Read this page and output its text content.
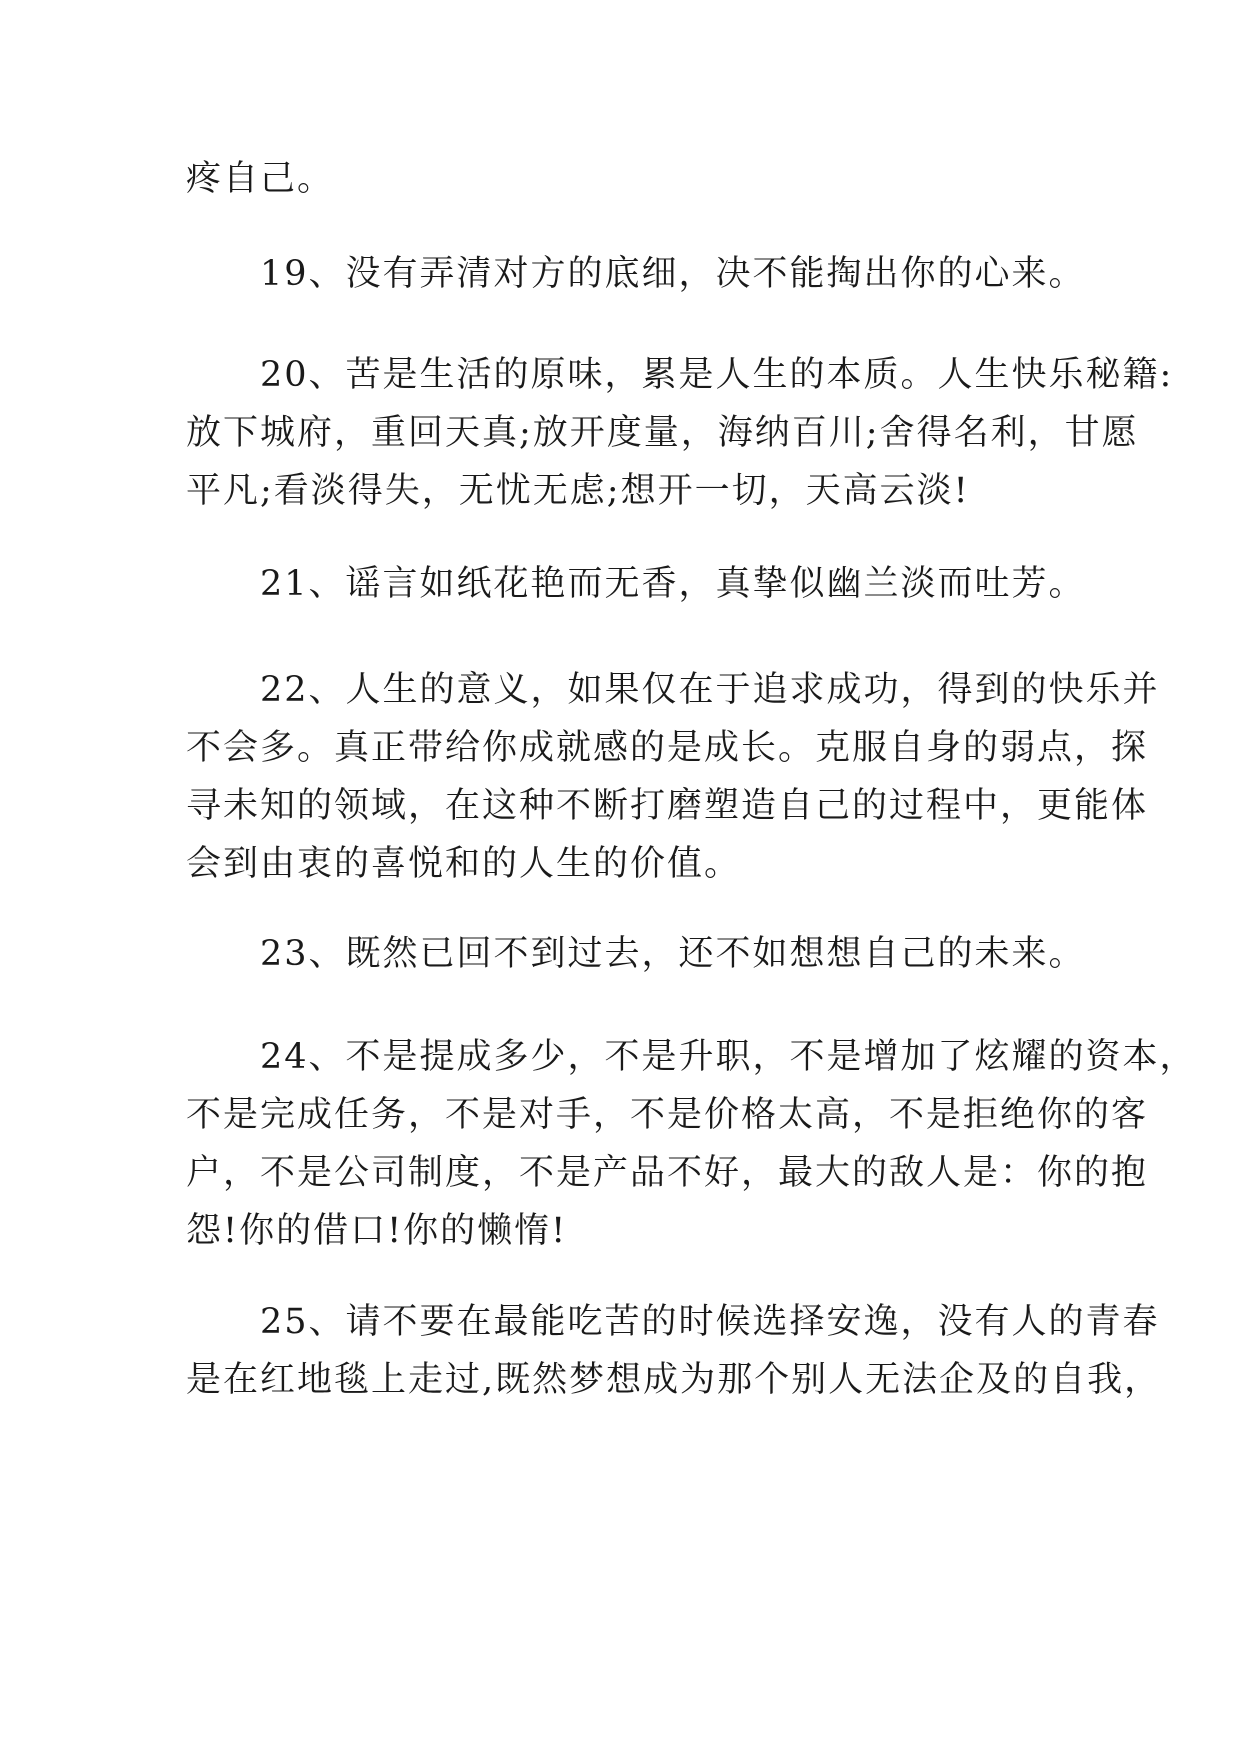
疼自己。
　　19、没有弄清对方的底细，决不能掏出你的心来。
　　20、苦是生活的原味，累是人生的本质。人生快乐秘籍:
放下城府，重回天真;放开度量，海纳百川;舍得名利，甘愿
平凡;看淡得失，无忧无虑;想开一切，天高云淡!
　　21、谣言如纸花艳而无香，真挚似幽兰淡而吐芳。
　　22、人生的意义，如果仅在于追求成功，得到的快乐并
不会多。真正带给你成就感的是成长。克服自身的弱点，探
寻未知的领域，在这种不断打磨塑造自己的过程中，更能体
会到由衷的喜悦和的人生的价值。
　　23、既然已回不到过去，还不如想想自己的未来。
　　24、不是提成多少，不是升职，不是增加了炫耀的资本，
不是完成任务，不是对手，不是价格太高，不是拒绝你的客
户，不是公司制度，不是产品不好，最大的敌人是：你的抱
怨!你的借口!你的懒惰!
　　25、请不要在最能吃苦的时候选择安逸，没有人的青春
是在红地毯上走过,既然梦想成为那个别人无法企及的自我，
